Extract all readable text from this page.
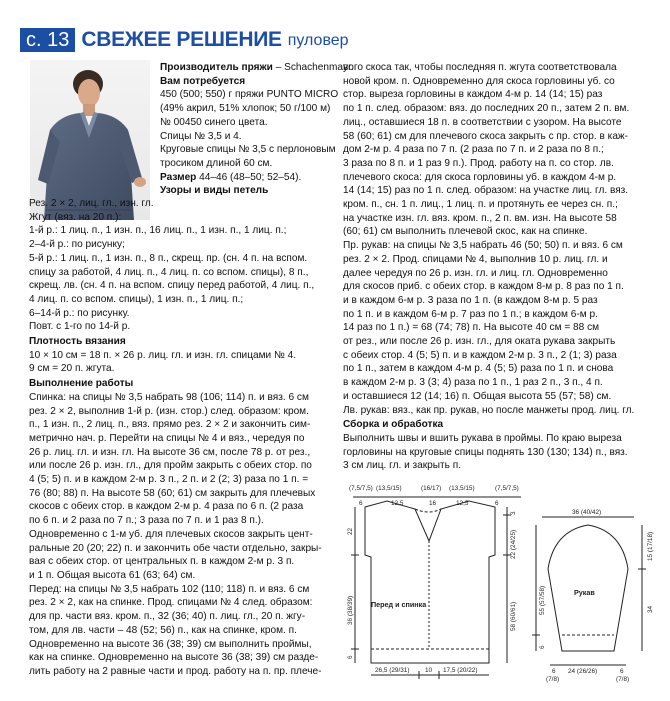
с. 13 СВЕЖЕЕ РЕШЕНИЕ пуловер
Производитель пряжи – Schachenmayr.
Вам потребуется
450 (500; 550) г пряжи PUNTO MICRO
(49% акрил, 51% хлопок; 50 г/100 м)
№ 00450 синего цвета.
Спицы № 3,5 и 4.
Круговые спицы № 3,5 с перлоновым
тросиком длиной 60 см.
Размер 44–46 (48–50; 52–54).
Узоры и виды петель
Рез. 2 × 2, лиц. гл., изн. гл.
Жгут (вяз. на 20 п.):
1-й р.: 1 лиц. п., 1 изн. п., 16 лиц. п., 1 изн. п., 1 лиц. п.;
2–4-й р.: по рисунку;
5-й р.: 1 лиц. п., 1 изн. п., 8 п., скрещ. пр. (сн. 4 п. на вспом.
спицу за работой, 4 лиц. п., 4 лиц. п. со вспом. спицы), 8 п.,
скрещ. лв. (сн. 4 п. на вспом. спицу перед работой, 4 лиц. п.,
4 лиц. п. со вспом. спицы), 1 изн. п., 1 лиц. п.;
6–14-й р.: по рисунку.
Повт. с 1-го по 14-й р.
Плотность вязания
10 × 10 см = 18 п. × 26 р. лиц. гл. и изн. гл. спицами № 4.
9 см = 20 п. жгута.
Выполнение работы
Спинка: на спицы № 3,5 набрать 98 (106; 114) п. и вяз. 6 см
рез. 2 × 2, выполнив 1-й р. (изн. стор.) след. образом: кром.
п., 1 изн. п., 2 лиц. п., вяз. прямо рез. 2 × 2 и закончить сим-
метрично нач. р. Перейти на спицы № 4 и вяз., чередуя по
26 р. лиц. гл. и изн. гл. На высоте 36 см, после 78 р. от рез.,
или после 26 р. изн. гл., для пройм закрыть с обеих стор. по
4 (5; 5) п. и в каждом 2-м р. 3 п., 2 п. и 2 (2; 3) раза по 1 п. =
76 (80; 88) п. На высоте 58 (60; 61) см закрыть для плечевых
скосов с обеих стор. в каждом 2-м р. 4 раза по 6 п. (2 раза
по 6 п. и 2 раза по 7 п.; 3 раза по 7 п. и 1 раз 8 п.).
Одновременно с 1-м уб. для плечевых скосов закрыть цент-
ральные 20 (20; 22) п. и закончить обе части отдельно, закры-
вая с обеих стор. от центральных п. в каждом 2-м р. 3 п.
и 1 п. Общая высота 61 (63; 64) см.
Перед: на спицы № 3,5 набрать 102 (110; 118) п. и вяз. 6 см
рез. 2 × 2, как на спинке. Прод. спицами № 4 след. образом:
для пр. части вяз. кром. п., 32 (36; 40) п. лиц. гл., 20 п. жгу-
том, для лв. части – 48 (52; 56) п., как на спинке, кром. п.
Одновременно на высоте 36 (38; 39) см выполнить проймы,
как на спинке. Одновременно на высоте 36 (38; 39) см разде-
лить работу на 2 равные части и прод. работу на п. пр. плече-
вого скоса так, чтобы последняя п. жгута соответствовала
новой кром. п. Одновременно для скоса горловины уб. со
стор. выреза горловины в каждом 4-м р. 14 (14; 15) раз
по 1 п. след. образом: вяз. до последних 20 п., затем 2 п. вм.
лиц., оставшиеся 18 п. в соответствии с узором. На высоте
58 (60; 61) см для плечевого скоса закрыть с пр. стор. в каж-
дом 2-м р. 4 раза по 7 п. (2 раза по 7 п. и 2 раза по 8 п.;
3 раза по 8 п. и 1 раз 9 п.). Прод. работу на п. со стор. лв.
плечевого скоса: для скоса горловины уб. в каждом 4-м р.
14 (14; 15) раз по 1 п. след. образом: на участке лиц. гл. вяз.
кром. п., сн. 1 п. лиц., 1 лиц. п. и протянуть ее через сн. п.;
на участке изн. гл. вяз. кром. п., 2 п. вм. изн. На высоте 58
(60; 61) см выполнить плечевой скос, как на спинке.
Пр. рукав: на спицы № 3,5 набрать 46 (50; 50) п. и вяз. 6 см
рез. 2 × 2. Прод. спицами № 4, выполнив 10 р. лиц. гл. и
далее чередуя по 26 р. изн. гл. и лиц. гл. Одновременно
для скосов приб. с обеих стор. в каждом 8-м р. 8 раз по 1 п.
и в каждом 6-м р. 3 раза по 1 п. (в каждом 8-м р. 5 раз
по 1 п. и в каждом 6-м р. 7 раз по 1 п.; в каждом 6-м р.
14 раз по 1 п.) = 68 (74; 78) п. На высоте 40 см = 88 см
от рез., или после 26 р. изн. гл., для оката рукава закрыть
с обеих стор. 4 (5; 5) п. и в каждом 2-м р. 3 п., 2 (1; 3) раза
по 1 п., затем в каждом 4-м р. 4 (5; 5) раза по 1 п. и снова
в каждом 2-м р. 3 (3; 4) раза по 1 п., 1 раз 2 п., 3 п., 4 п.
и оставшиеся 12 (14; 16) п. Общая высота 55 (57; 58) см.
Лв. рукав: вяз., как пр. рукав, но после манжеты прод. лиц. гл.
Сборка и обработка
Выполнить швы и вшить рукава в проймы. По краю выреза
горловины на круговые спицы поднять 130 (130; 134) п., вяз.
3 см лиц. гл. и закрыть п.
(7,5/7,5) (13,5/15)	(16/17) (13,5/15)	(7,5/7,5)
6	12,5	16	12,5	6
22
36 (38/39)
6
3
22 (24/25)
58 (60/61)
Перед и спинка
26,5 (29/31) 10 17,5 (20/22)
36 (40/42)
15 (17/18)
34
55 (57/58)
6
Рукав
6
(7/8)
24 (26/26)	6
(7/8)
